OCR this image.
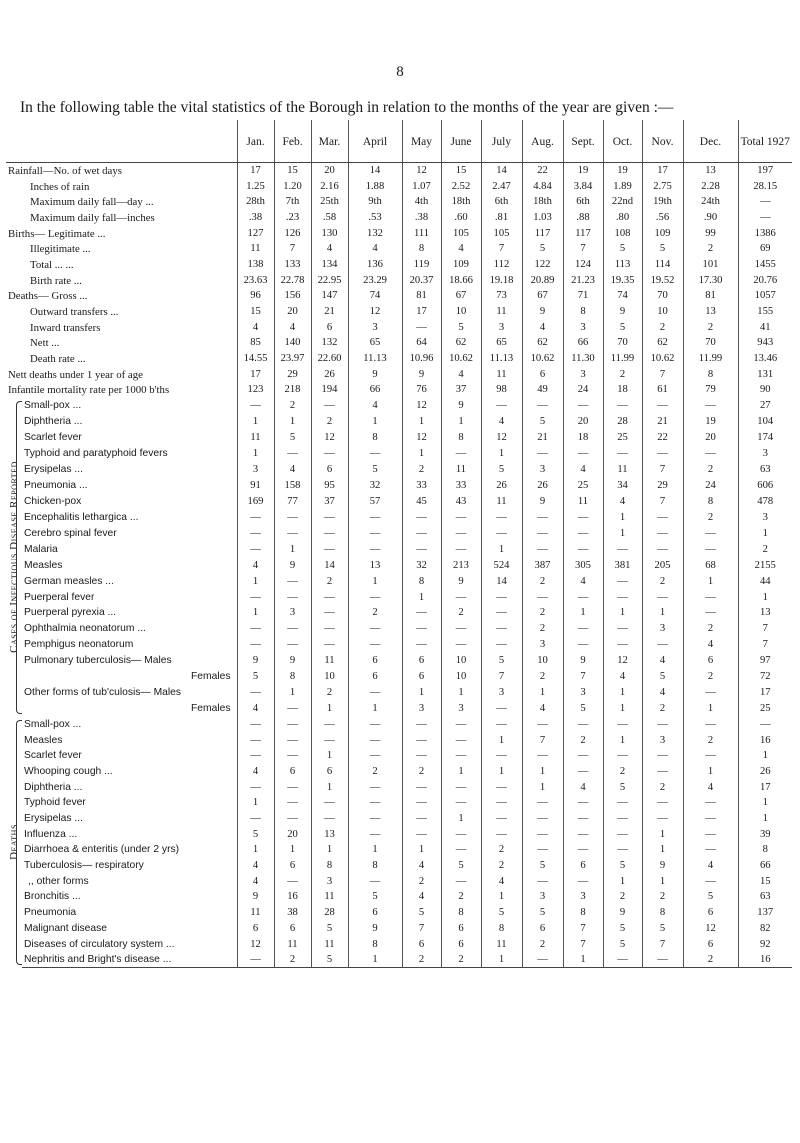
8
In the following table the vital statistics of the Borough in relation to the months of the year are given :—
		Jan.	Feb.	Mar.	April	May	June	July	Aug.	Sept.	Oct.	Nov.	Dec.	Total 1927
Rainfall—No. of wet days		17	15	20	14	12	15	14	22	19	19	17	13	197
Inches of rain		1.25	1.20	2.16	1.88	1.07	2.52	2.47	4.84	3.84	1.89	2.75	2.28	28.15
Maximum daily fall—day ...		28th	7th	25th	9th	4th	18th	6th	18th	6th	22nd	19th	24th	—
Maximum daily fall—inches		.38	.23	.58	.53	.38	.60	.81	1.03	.88	.80	.56	.90	—
Births— Legitimate ...		127	126	130	132	111	105	105	117	117	108	109	99	1386
Illegitimate ...		11	7	4	4	8	4	7	5	7	5	5	2	69
Total ... ...		138	133	134	136	119	109	112	122	124	113	114	101	1455
Birth rate ...		23.63	22.78	22.95	23.29	20.37	18.66	19.18	20.89	21.23	19.35	19.52	17.30	20.76
Deaths— Gross ...		96	156	147	74	81	67	73	67	71	74	70	81	1057
Outward transfers ...		15	20	21	12	17	10	11	9	8	9	10	13	155
Inward transfers		4	4	6	3	—	5	3	4	3	5	2	2	41
Nett ...		85	140	132	65	64	62	65	62	66	70	62	70	943
Death rate ...		14.55	23.97	22.60	11.13	10.96	10.62	11.13	10.62	11.30	11.99	10.62	11.99	13.46
Nett deaths under 1 year of age		17	29	26	9	9	4	11	6	3	2	7	8	131
Infantile mortality rate per 1000 b'ths		123	218	194	66	76	37	98	49	24	18	61	79	90

Cases of Infectious Disease Reported	Small-pox ...	—	2	—	4	12	9	—	—	—	—	—	—	27
	Diphtheria ...	1	1	2	1	1	1	4	5	20	28	21	19	104
	Scarlet fever	11	5	12	8	12	8	12	21	18	25	22	20	174
	Typhoid and paratyphoid fevers	1	—	—	—	1	—	1	—	—	—	—	—	3
	Erysipelas ...	3	4	6	5	2	11	5	3	4	11	7	2	63
	Pneumonia ...	91	158	95	32	33	33	26	26	25	34	29	24	606
	Chicken-pox	169	77	37	57	45	43	11	9	11	4	7	8	478
	Encephalitis lethargica ...	—	—	—	—	—	—	—	—	—	1	—	2	3
	Cerebro spinal fever	—	—	—	—	—	—	—	—	—	1	—	—	1
	Malaria	—	1	—	—	—	—	1	—	—	—	—	—	2
	Measles	4	9	14	13	32	213	524	387	305	381	205	68	2155
	German measles ...	1	—	2	1	8	9	14	2	4	—	2	1	44
	Puerperal fever	—	—	—	—	1	—	—	—	—	—	—	—	1
	Puerperal pyrexia ...	1	3	—	2	—	2	—	2	1	1	1	—	13
	Ophthalmia neonatorum ...	—	—	—	—	—	—	—	2	—	—	3	2	7
	Pemphigus neonatorum	—	—	—	—	—	—	—	3	—	—	—	4	7
	Pulmonary tuberculosis— Males	9	9	11	6	6	10	5	10	9	12	4	6	97
	Females	5	8	10	6	6	10	7	2	7	4	5	2	72
	Other forms of tub'culosis— Males	—	1	2	—	1	1	3	1	3	1	4	—	17
	Females	4	—	1	1	3	3	—	4	5	1	2	1	25

Deaths	Small-pox ...	—	—	—	—	—	—	—	—	—	—	—	—	—
	Measles	—	—	—	—	—	—	1	7	2	1	3	2	16
	Scarlet fever	—	—	1	—	—	—	—	—	—	—	—	—	1
	Whooping cough ...	4	6	6	2	2	1	1	1	—	2	—	1	26
	Diphtheria ...	—	—	1	—	—	—	—	1	4	5	2	4	17
	Typhoid fever	1	—	—	—	—	—	—	—	—	—	—	—	1
	Erysipelas ...	—	—	—	—	—	1	—	—	—	—	—	—	1
	Influenza ...	5	20	13	—	—	—	—	—	—	—	1	—	39
	Diarrhoea & enteritis (under 2 yrs)	1	1	1	1	1	—	2	—	—	—	1	—	8
	Tuberculosis— respiratory	4	6	8	8	4	5	2	5	6	5	9	4	66
	,, other forms	4	—	3	—	2	—	4	—	—	1	1	—	15
	Bronchitis ...	9	16	11	5	4	2	1	3	3	2	2	5	63
	Pneumonia	11	38	28	6	5	8	5	5	8	9	8	6	137
	Malignant disease	6	6	5	9	7	6	8	6	7	5	5	12	82
	Diseases of circulatory system ...	12	11	11	8	6	6	11	2	7	5	7	6	92
	Nephritis and Bright's disease ...	—	2	5	1	2	2	1	—	1	—	—	2	16
